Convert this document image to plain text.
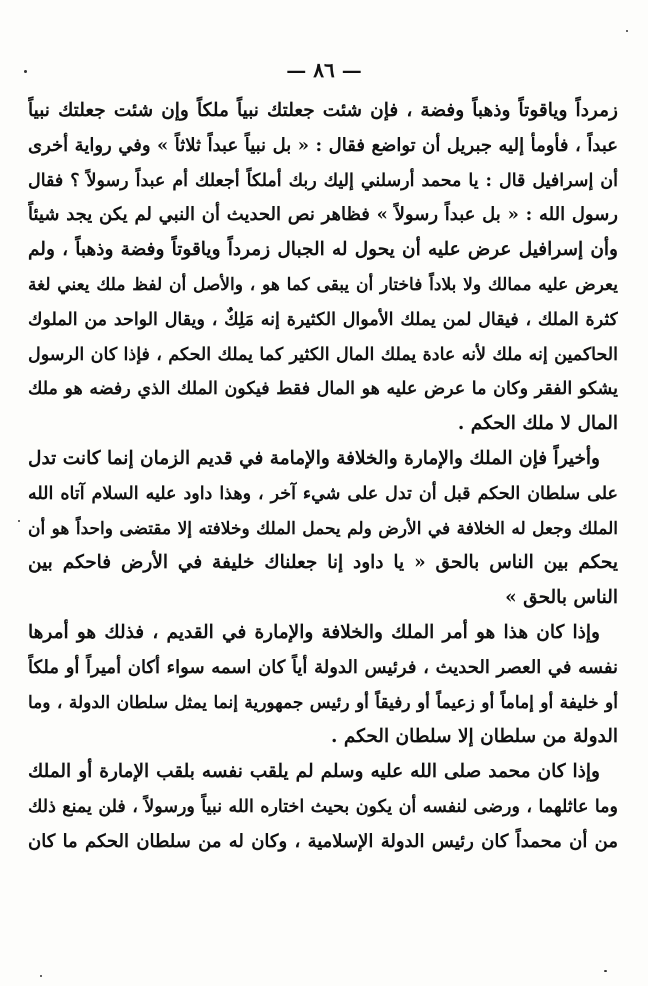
— ٨٦ —
زمرداً وياقوتاً وذهباً وفضة ، فإن شئت جعلتك نبياً ملكاً وإن شئت جعلتك نبياً
عبداً ، فأومأ إليه جبريل أن تواضع فقال : « بل نبياً عبداً ثلاثاً » وفي رواية أخرى
أن إسرافيل قال : يا محمد أرسلني إليك ربك أملكاً أجعلك أم عبداً رسولاً ؟ فقال
رسول الله : « بل عبداً رسولاً » فظاهر نص الحديث أن النبي لم يكن يجد شيئاً
وأن إسرافيل عرض عليه أن يحول له الجبال زمرداً وياقوتاً وفضة وذهباً ، ولم
يعرض عليه ممالك ولا بلاداً فاختار أن يبقى كما هو ، والأصل أن لفظ ملك يعني لغة
كثرة الملك ، فيقال لمن يملك الأموال الكثيرة إنه مَلِكٌ ، ويقال الواحد من الملوك
الحاكمين إنه ملك لأنه عادة يملك المال الكثير كما يملك الحكم ، فإذا كان الرسول
يشكو الفقر وكان ما عرض عليه هو المال فقط فيكون الملك الذي رفضه هو ملك
المال لا ملك الحكم .
وأخيراً فإن الملك والإمارة والخلافة والإمامة في قديم الزمان إنما كانت تدل
على سلطان الحكم قبل أن تدل على شيء آخر ، وهذا داود عليه السلام آتاه الله
الملك وجعل له الخلافة في الأرض ولم يحمل الملك وخلافته إلا مقتضى واحداً هو أن
يحكم بين الناس بالحق « يا داود إنا جعلناك خليفة في الأرض فاحكم بين
الناس بالحق »
وإذا كان هذا هو أمر الملك والخلافة والإمارة في القديم ، فذلك هو أمرها
نفسه في العصر الحديث ، فرئيس الدولة أياً كان اسمه سواء أكان أميراً أو ملكاً
أو خليفة أو إماماً أو زعيماً أو رفيقاً أو رئيس جمهورية إنما يمثل سلطان الدولة ، وما
الدولة من سلطان إلا سلطان الحكم .
وإذا كان محمد صلى الله عليه وسلم لم يلقب نفسه بلقب الإمارة أو الملك
وما عاثلهما ، ورضى لنفسه أن يكون بحيث اختاره الله نبياً ورسولاً ، فلن يمنع ذلك
من أن محمداً كان رئيس الدولة الإسلامية ، وكان له من سلطان الحكم ما كان
